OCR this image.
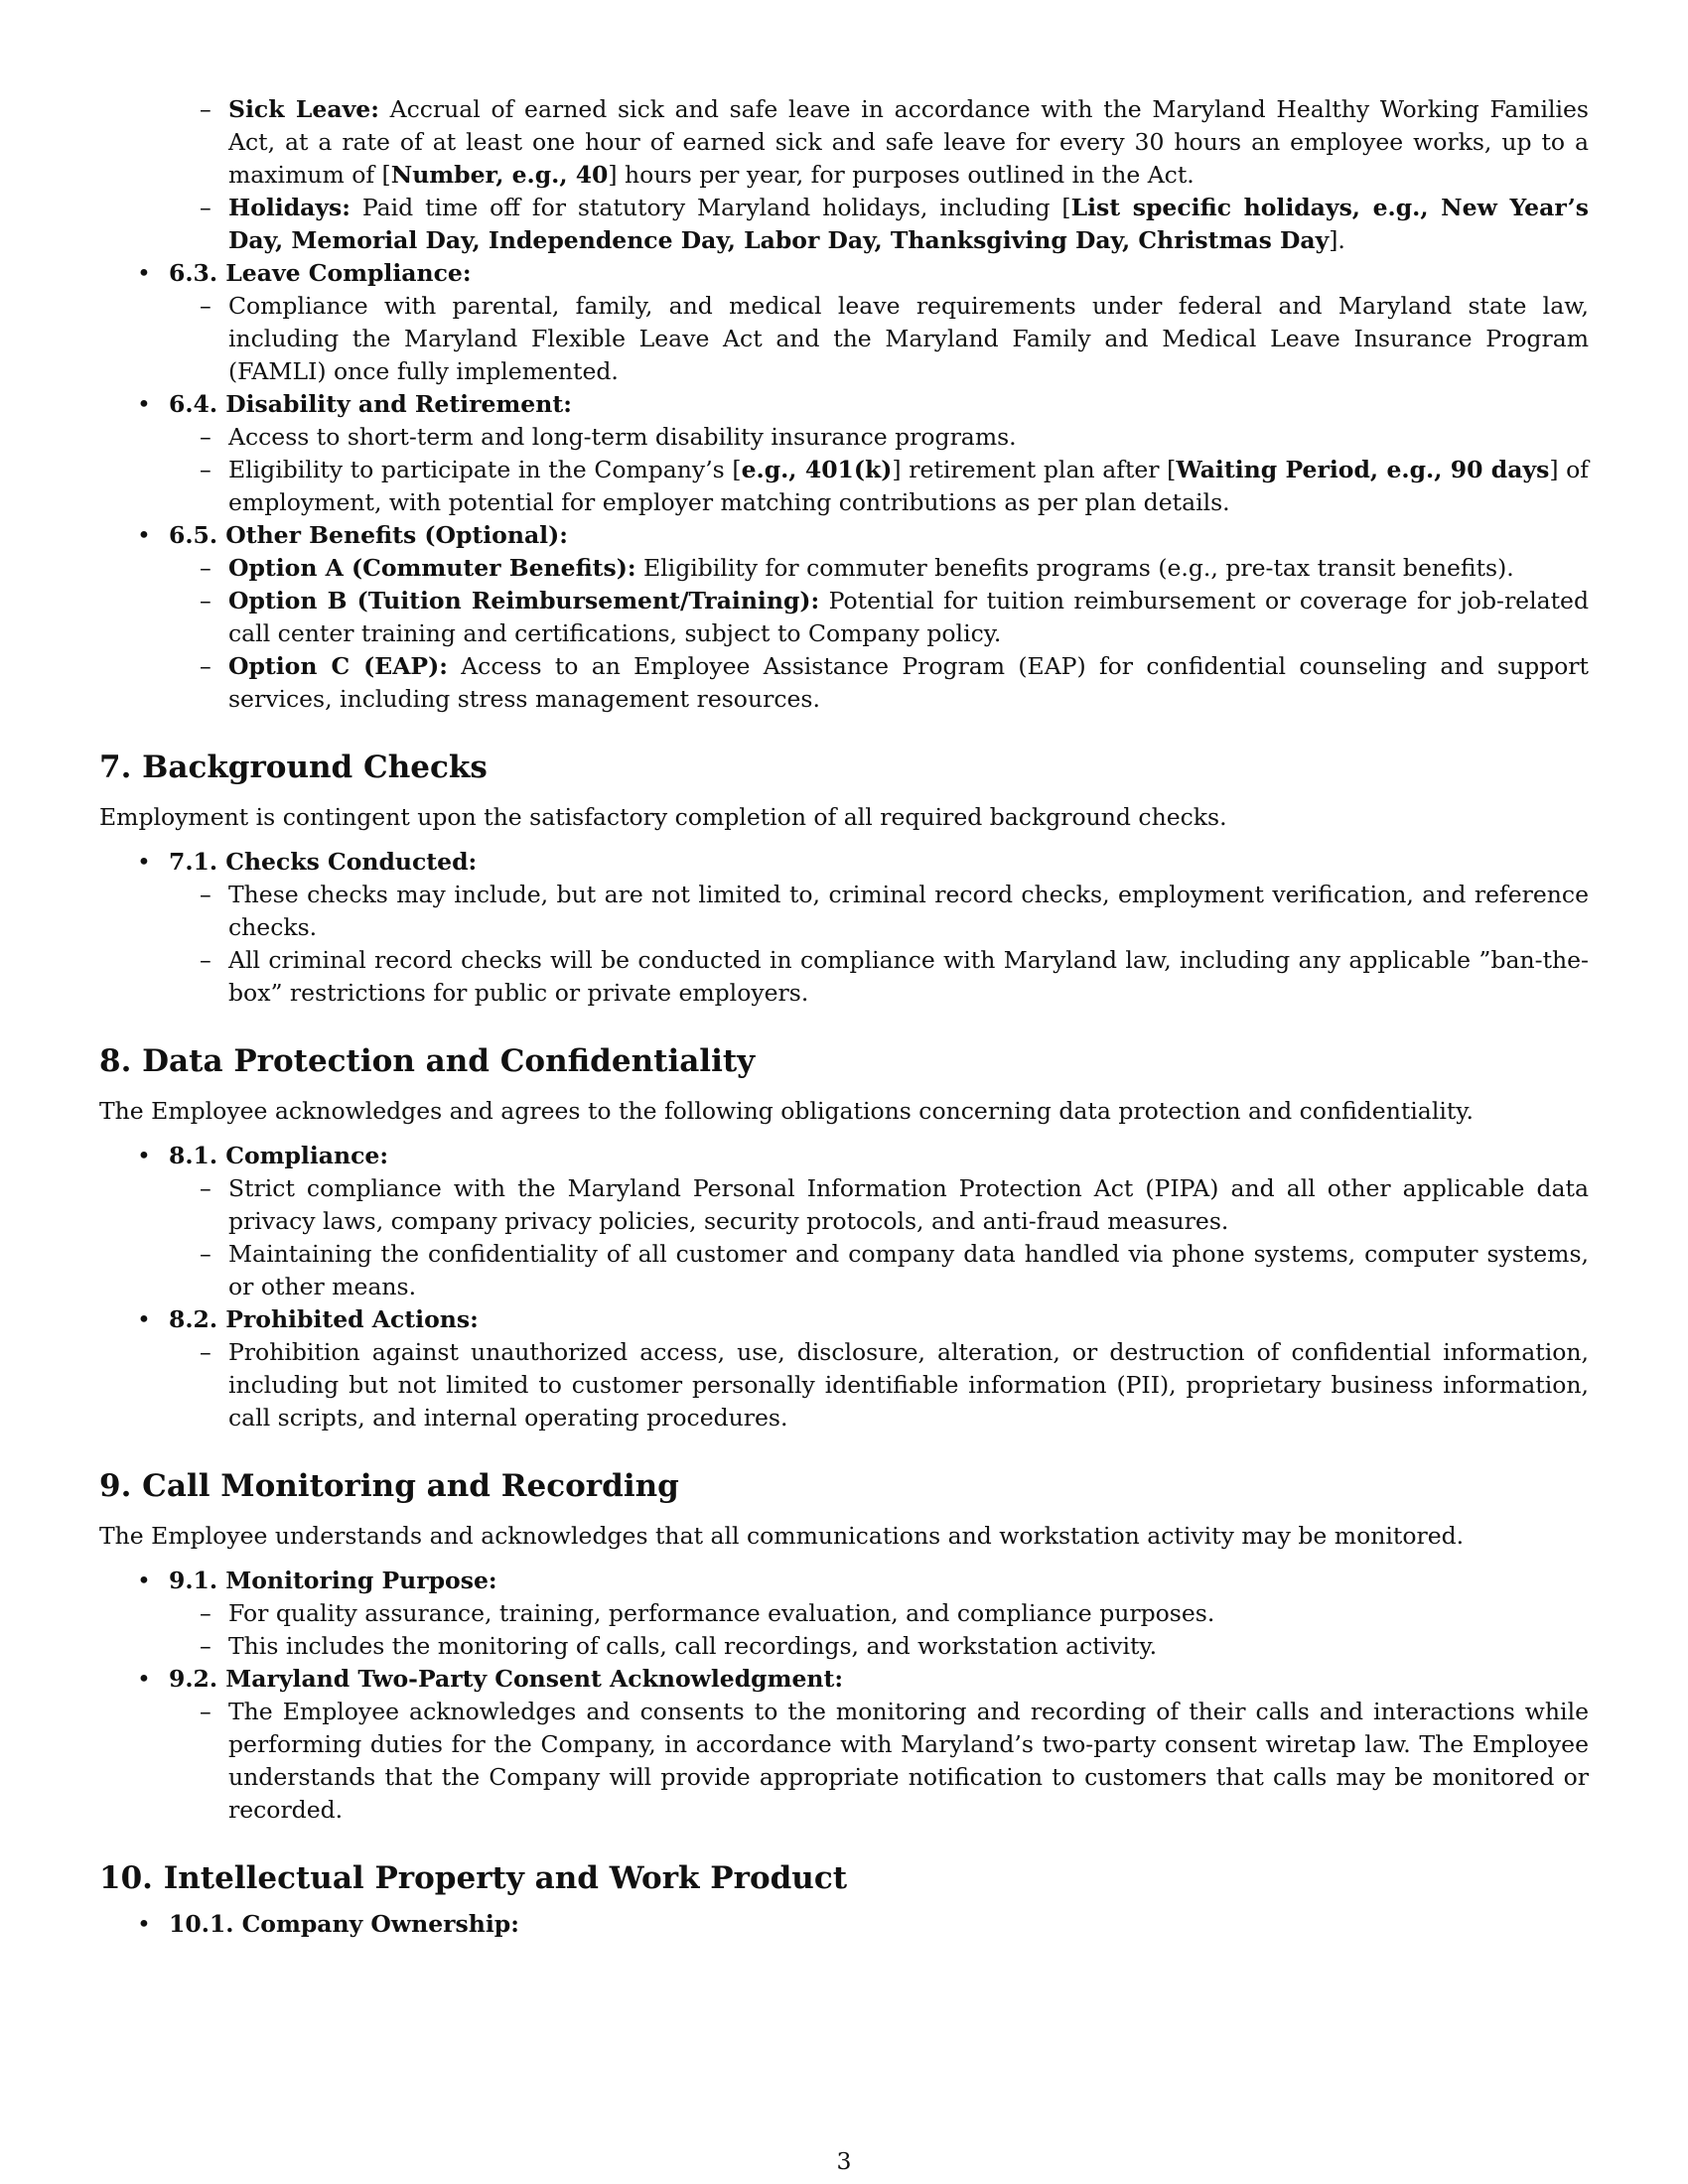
– Sick Leave: Accrual of earned sick and safe leave in accordance with the Maryland Healthy Working Families Act, at a rate of at least one hour of earned sick and safe leave for every 30 hours an employee works, up to a maximum of [Number, e.g., 40] hours per year, for purposes outlined in the Act.
– Holidays: Paid time off for statutory Maryland holidays, including [List specific holidays, e.g., New Year’s Day, Memorial Day, Independence Day, Labor Day, Thanksgiving Day, Christmas Day].
• 6.3. Leave Compliance:
– Compliance with parental, family, and medical leave requirements under federal and Maryland state law, including the Maryland Flexible Leave Act and the Maryland Family and Medical Leave Insurance Program (FAMLI) once fully implemented.
• 6.4. Disability and Retirement:
– Access to short-term and long-term disability insurance programs.
– Eligibility to participate in the Company’s [e.g., 401(k)] retirement plan after [Waiting Period, e.g., 90 days] of employment, with potential for employer matching contributions as per plan details.
• 6.5. Other Benefits (Optional):
– Option A (Commuter Benefits): Eligibility for commuter benefits programs (e.g., pre-tax transit benefits).
– Option B (Tuition Reimbursement/Training): Potential for tuition reimbursement or coverage for job-related call center training and certifications, subject to Company policy.
– Option C (EAP): Access to an Employee Assistance Program (EAP) for confidential counseling and support services, including stress management resources.
7. Background Checks

Employment is contingent upon the satisfactory completion of all required background checks.

• 7.1. Checks Conducted:
– These checks may include, but are not limited to, criminal record checks, employment verification, and reference checks.
– All criminal record checks will be conducted in compliance with Maryland law, including any applicable ”ban-the-box” restrictions for public or private employers.
8. Data Protection and Confidentiality

The Employee acknowledges and agrees to the following obligations concerning data protection and confidentiality.

• 8.1. Compliance:
– Strict compliance with the Maryland Personal Information Protection Act (PIPA) and all other applicable data privacy laws, company privacy policies, security protocols, and anti-fraud measures.
– Maintaining the confidentiality of all customer and company data handled via phone systems, computer systems, or other means.
• 8.2. Prohibited Actions:
– Prohibition against unauthorized access, use, disclosure, alteration, or destruction of confidential information, including but not limited to customer personally identifiable information (PII), proprietary business information, call scripts, and internal operating procedures.
9. Call Monitoring and Recording

The Employee understands and acknowledges that all communications and workstation activity may be monitored.

• 9.1. Monitoring Purpose:
– For quality assurance, training, performance evaluation, and compliance purposes.
– This includes the monitoring of calls, call recordings, and workstation activity.
• 9.2. Maryland Two-Party Consent Acknowledgment:
– The Employee acknowledges and consents to the monitoring and recording of their calls and interactions while performing duties for the Company, in accordance with Maryland’s two-party consent wiretap law. The Employee understands that the Company will provide appropriate notification to customers that calls may be monitored or recorded.
10. Intellectual Property and Work Product
• 10.1. Company Ownership:
3
